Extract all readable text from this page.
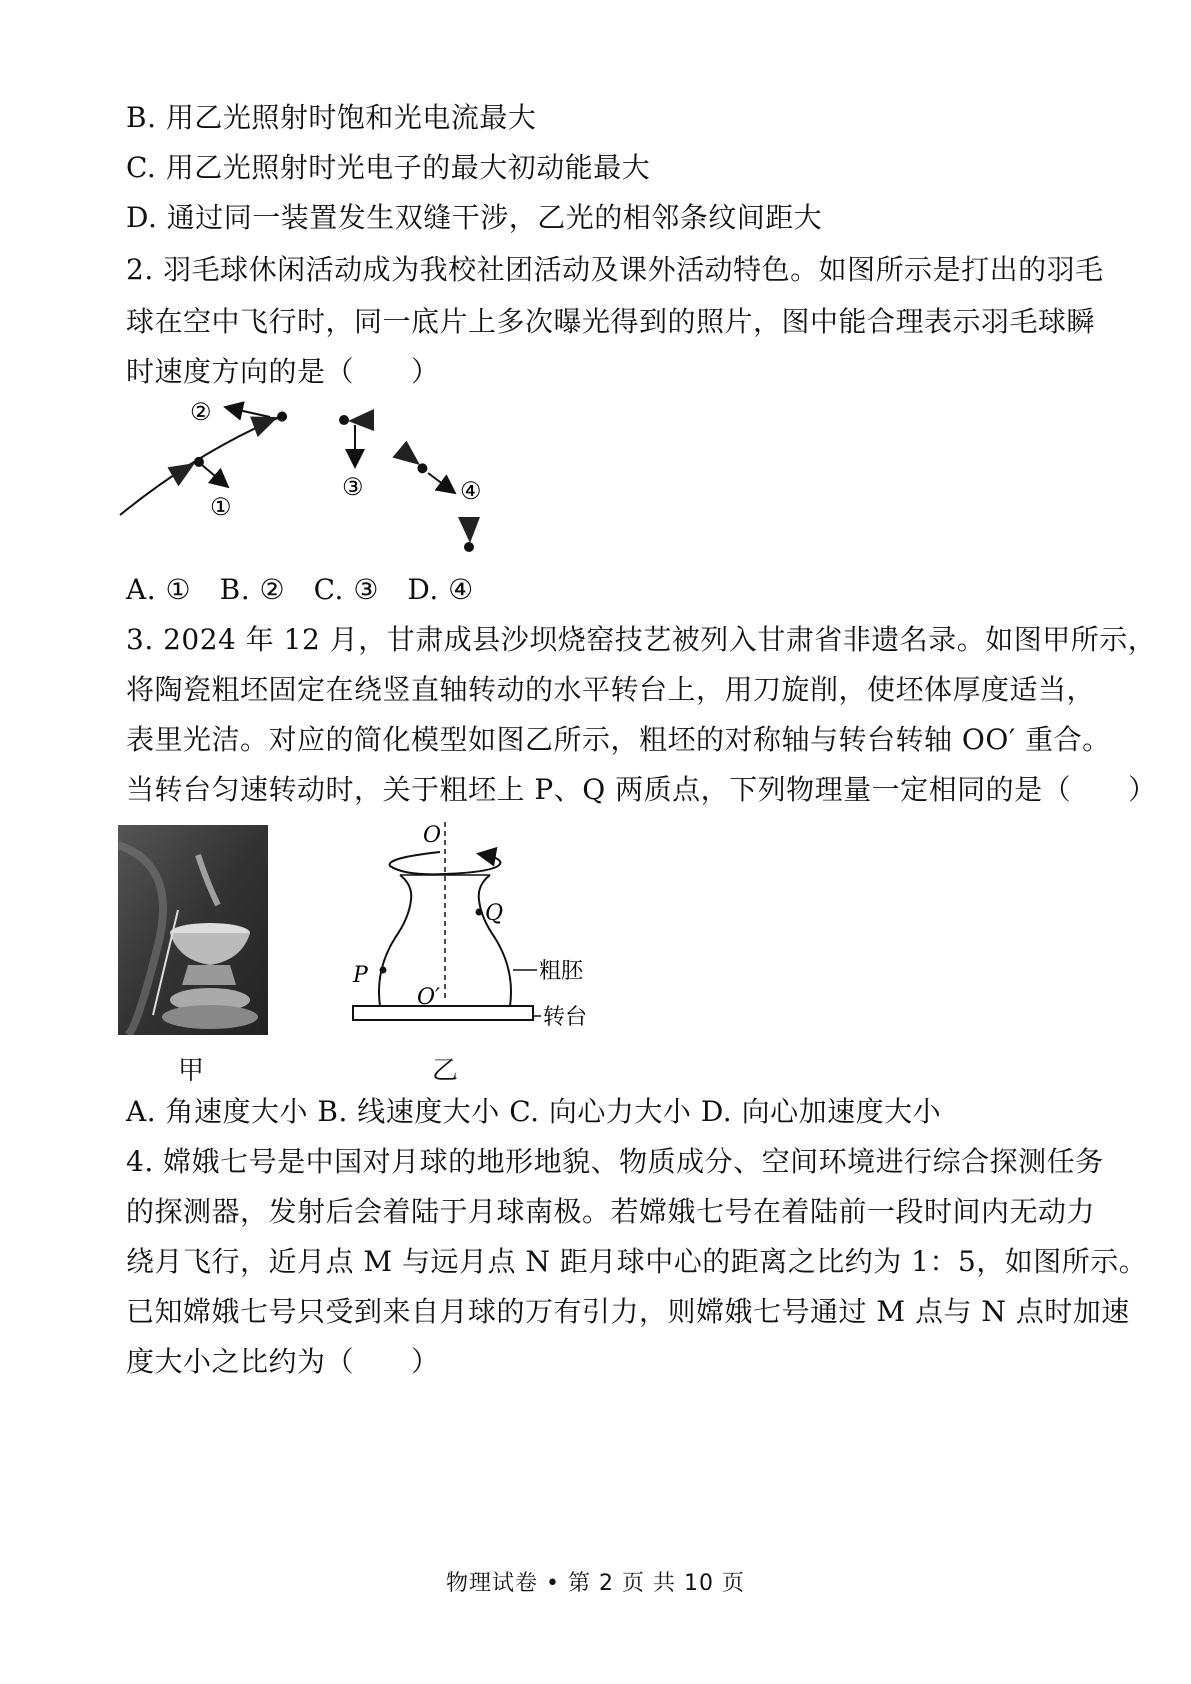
B. 用乙光照射时饱和光电流最大
C. 用乙光照射时光电子的最大初动能最大
D. 通过同一装置发生双缝干涉，乙光的相邻条纹间距大
2. 羽毛球休闲活动成为我校社团活动及课外活动特色。如图所示是打出的羽毛
球在空中飞行时，同一底片上多次曝光得到的照片，图中能合理表示羽毛球瞬
时速度方向的是（　　）
①
②
③	④
A. ①　B. ②　C. ③　D. ④
3. 2024 年 12 月，甘肃成县沙坝烧窑技艺被列入甘肃省非遗名录。如图甲所示，
将陶瓷粗坯固定在绕竖直轴转动的水平转台上，用刀旋削，使坯体厚度适当，
表里光洁。对应的简化模型如图乙所示，粗坯的对称轴与转台转轴 OO′ 重合。
当转台匀速转动时，关于粗坯上 P、Q 两质点，下列物理量一定相同的是（　　）
甲
O
Q
P
O′
粗胚
转台
乙
A. 角速度大小 B. 线速度大小 C. 向心力大小 D. 向心加速度大小
4. 嫦娥七号是中国对月球的地形地貌、物质成分、空间环境进行综合探测任务
的探测器，发射后会着陆于月球南极。若嫦娥七号在着陆前一段时间内无动力
绕月飞行，近月点 M 与远月点 N 距月球中心的距离之比约为 1：5，如图所示。
已知嫦娥七号只受到来自月球的万有引力，则嫦娥七号通过 M 点与 N 点时加速
度大小之比约为（　　）
物理试卷 • 第 2 页 共 10 页
